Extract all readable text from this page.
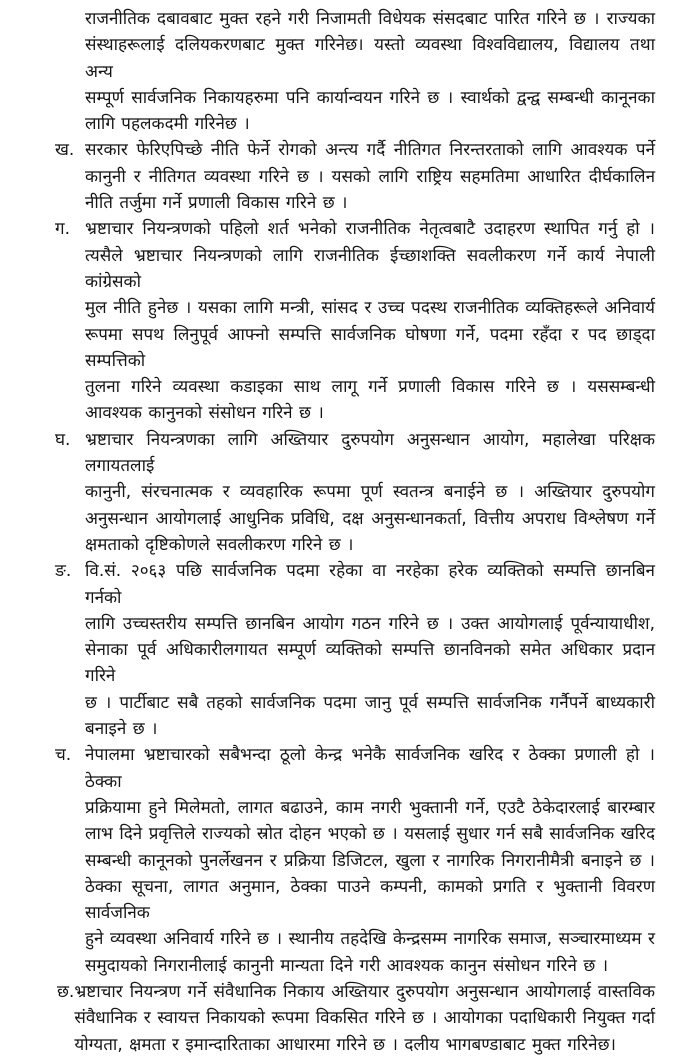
राजनीतिक दबावबाट मुक्त रहने गरी निजामती विधेयक संसदबाट पारित गरिने छ । राज्यका
संस्थाहरूलाई दलियकरणबाट मुक्त गरिनेछ। यस्तो व्यवस्था विश्वविद्यालय, विद्यालय तथा अन्य
सम्पूर्ण सार्वजनिक निकायहरुमा पनि कार्यान्वयन गरिने छ । स्वार्थको द्वन्द्व सम्बन्धी कानूनका
लागि पहलकदमी गरिनेछ ।
ख. सरकार फेरिएपिच्छे नीति फेर्ने रोगको अन्त्य गर्दै नीतिगत निरन्तरताको लागि आवश्यक पर्ने
कानुनी र नीतिगत व्यवस्था गरिने छ । यसको लागि राष्ट्रिय सहमतिमा आधारित दीर्घकालिन
नीति तर्जुमा गर्ने प्रणाली विकास गरिने छ ।
ग. भ्रष्टाचार नियन्त्रणको पहिलो शर्त भनेको राजनीतिक नेतृत्वबाटै उदाहरण स्थापित गर्नु हो ।
त्यसैले भ्रष्टाचार नियन्त्रणको लागि राजनीतिक ईच्छाशक्ति सवलीकरण गर्ने कार्य नेपाली कांग्रेसको
मुल नीति हुनेछ । यसका लागि मन्त्री, सांसद र उच्च पदस्थ राजनीतिक व्यक्तिहरूले अनिवार्य
रूपमा सपथ लिनुपूर्व आफ्नो सम्पत्ति सार्वजनिक घोषणा गर्ने, पदमा रहँदा र पद छाड्दा सम्पत्तिको
तुलना गरिने व्यवस्था कडाइका साथ लागू गर्ने प्रणाली विकास गरिने छ । यससम्बन्धी
आवश्यक कानुनको संसोधन गरिने छ ।
घ. भ्रष्टाचार नियन्त्रणका लागि अख्तियार दुरुपयोग अनुसन्धान आयोग, महालेखा परिक्षक लगायतलाई
कानुनी, संरचनात्मक र व्यवहारिक रूपमा पूर्ण स्वतन्त्र बनाईने छ । अख्तियार दुरुपयोग
अनुसन्धान आयोगलाई आधुनिक प्रविधि, दक्ष अनुसन्धानकर्ता, वित्तीय अपराध विश्लेषण गर्ने
क्षमताको दृष्टिकोणले सवलीकरण गरिने छ ।
ङ. वि.सं. २०६३ पछि सार्वजनिक पदमा रहेका वा नरहेका हरेक व्यक्तिको सम्पत्ति छानबिन गर्नको
लागि उच्चस्तरीय सम्पत्ति छानबिन आयोग गठन गरिने छ । उक्त आयोगलाई पूर्वन्यायाधीश,
सेनाका पूर्व अधिकारीलगायत सम्पूर्ण व्यक्तिको सम्पत्ति छानविनको समेत अधिकार प्रदान गरिने
छ । पार्टीबाट सबै तहको सार्वजनिक पदमा जानु पूर्व सम्पत्ति सार्वजनिक गर्नैपर्ने बाध्यकारी
बनाइने छ ।
च. नेपालमा भ्रष्टाचारको सबैभन्दा ठूलो केन्द्र भनेकै सार्वजनिक खरिद र ठेक्का प्रणाली हो । ठेक्का
प्रक्रियामा हुने मिलेमतो, लागत बढाउने, काम नगरी भुक्तानी गर्ने, एउटै ठेकेदारलाई बारम्बार
लाभ दिने प्रवृत्तिले राज्यको स्रोत दोहन भएको छ । यसलाई सुधार गर्न सबै सार्वजनिक खरिद
सम्बन्धी कानूनको पुनर्लेखनन र प्रक्रिया डिजिटल, खुला र नागरिक निगरानीमैत्री बनाइने छ ।
ठेक्का सूचना, लागत अनुमान, ठेक्का पाउने कम्पनी, कामको प्रगति र भुक्तानी विवरण सार्वजनिक
हुने व्यवस्था अनिवार्य गरिने छ । स्थानीय तहदेखि केन्द्रसम्म नागरिक समाज, सञ्चारमाध्यम र
समुदायको निगरानीलाई कानुनी मान्यता दिने गरी आवश्यक कानुन संसोधन गरिने छ ।
छ. भ्रष्टाचार नियन्त्रण गर्ने संवैधानिक निकाय अख्तियार दुरुपयोग अनुसन्धान आयोगलाई वास्तविक
संवैधानिक र स्वायत्त निकायको रूपमा विकसित गरिने छ । आयोगका पदाधिकारी नियुक्त गर्दा
योग्यता, क्षमता र इमान्दारिताका आधारमा गरिने छ । दलीय भागबण्डाबाट मुक्त गरिनेछ।
